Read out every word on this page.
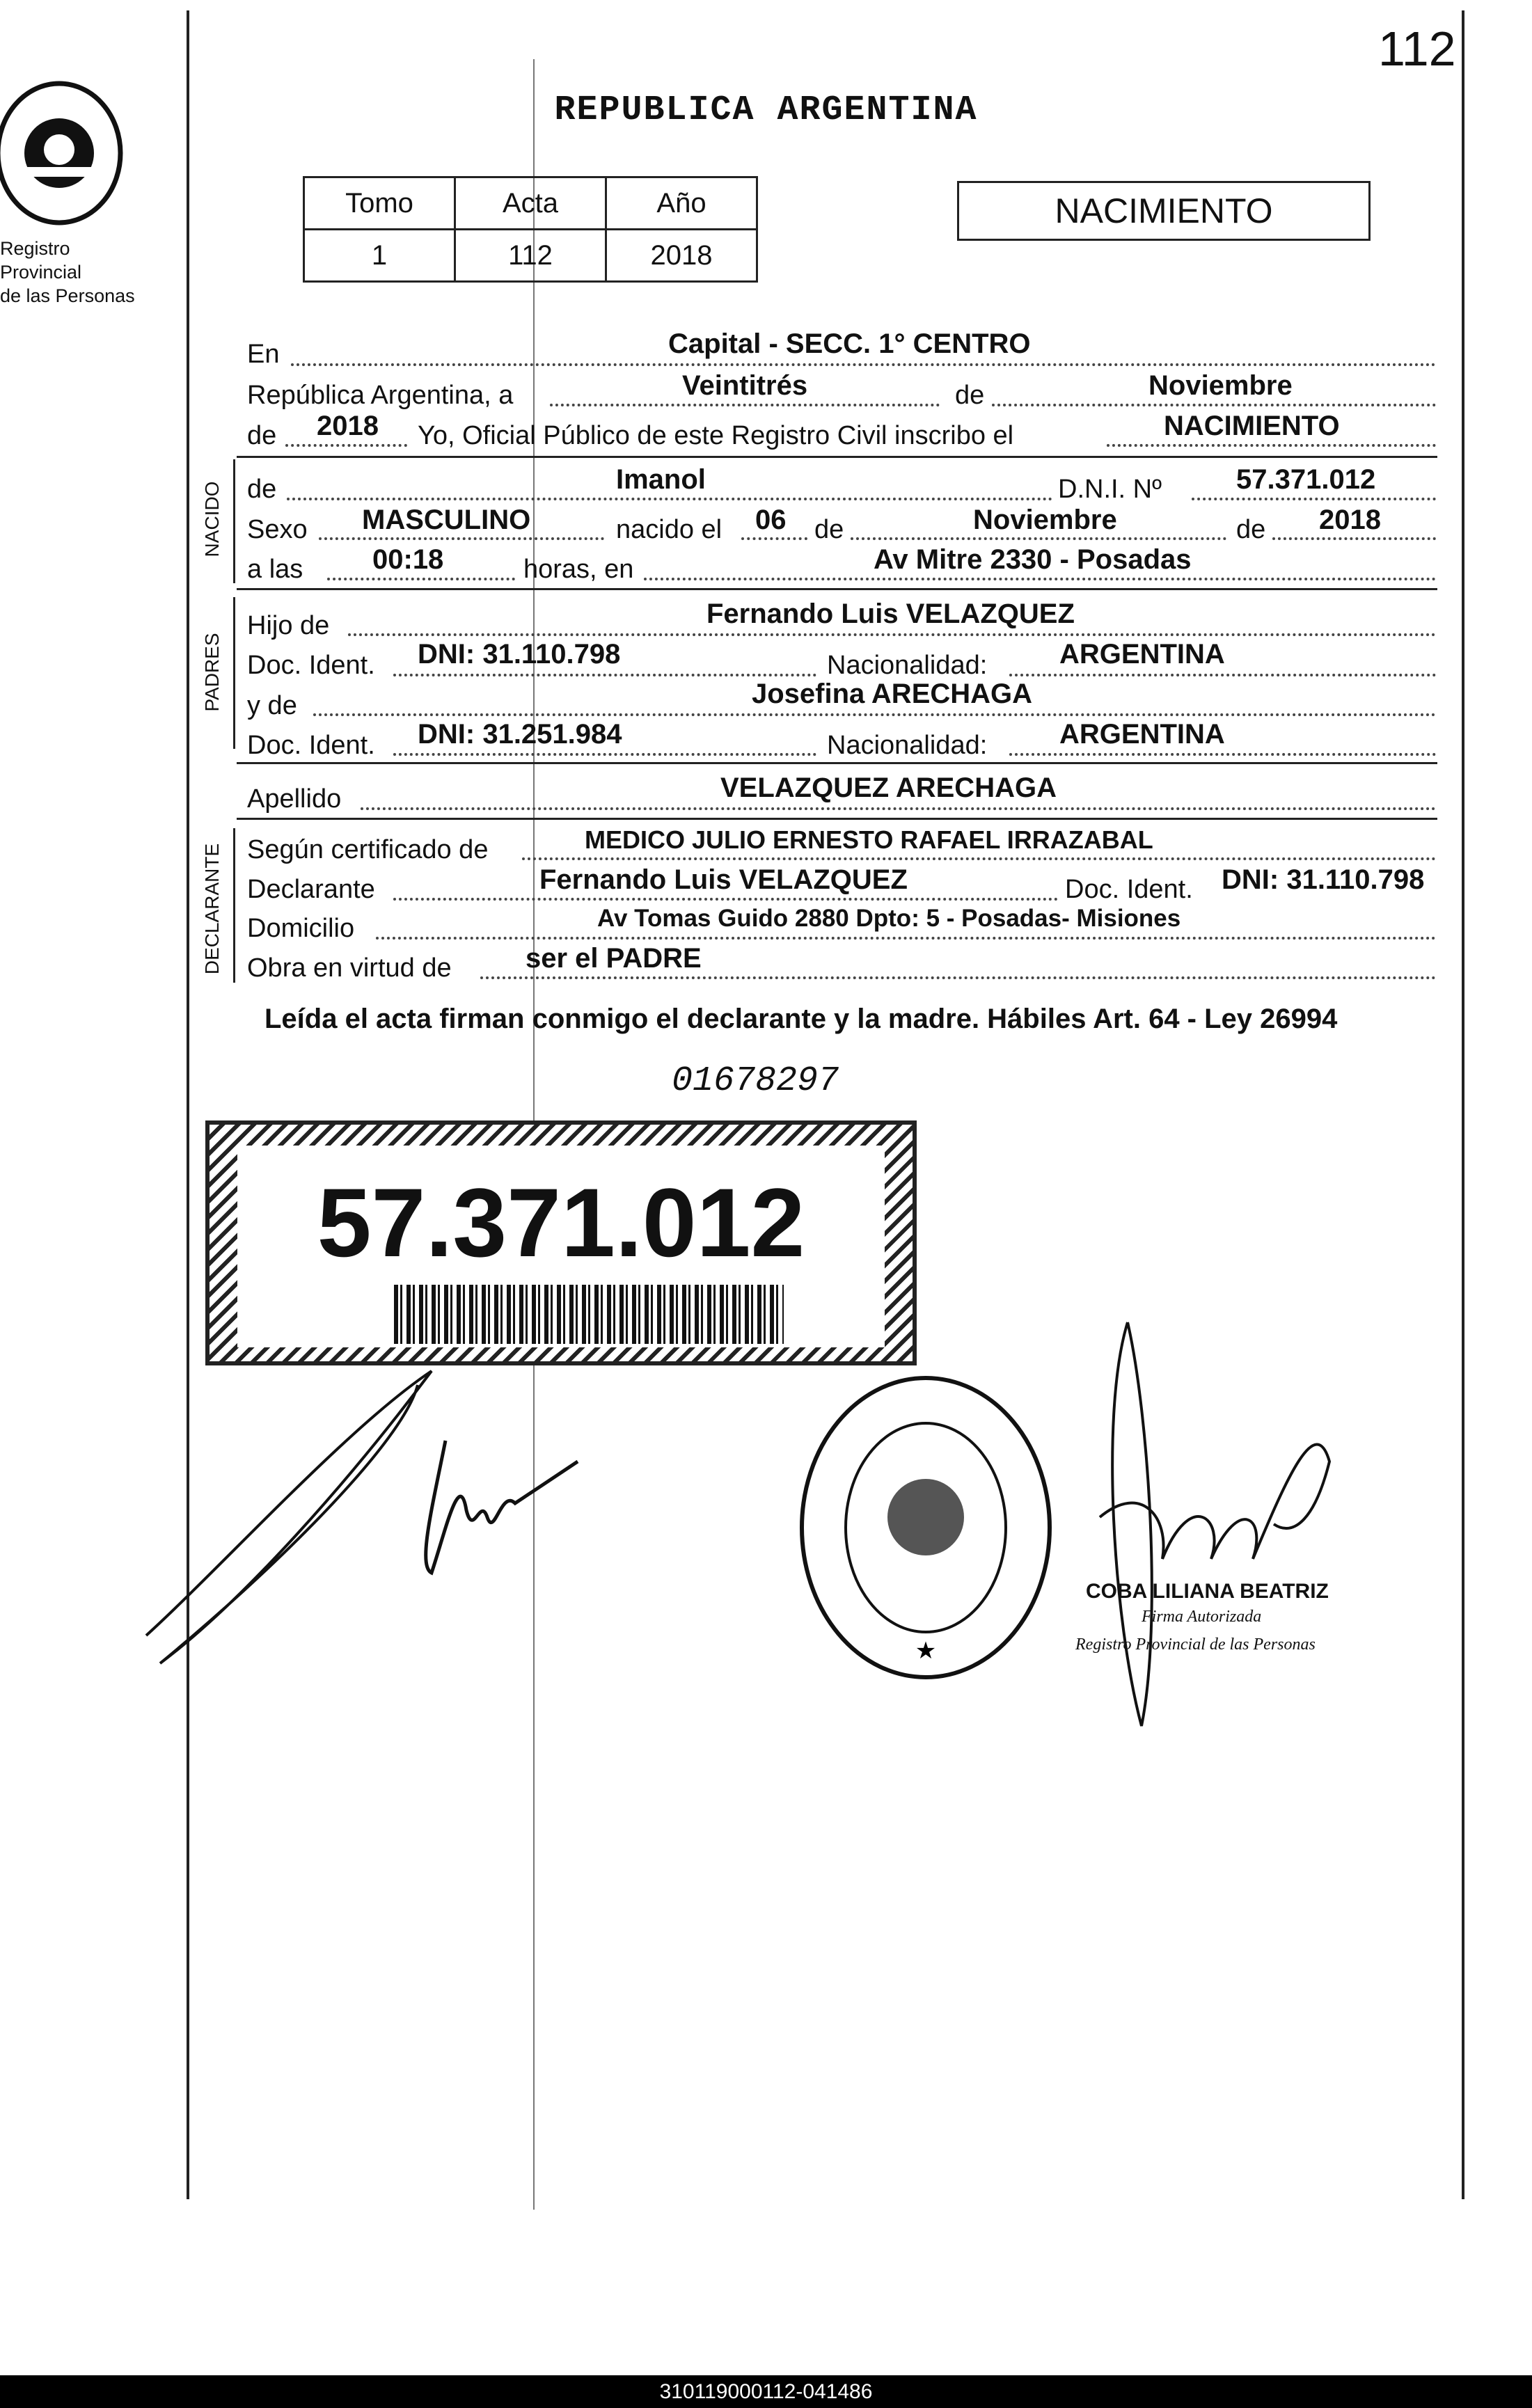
112
REPUBLICA ARGENTINA
Registro Provincial
de las Personas
Tomo	Acta	Año
1	112	2018
NACIMIENTO
En	Capital - SECC. 1° CENTRO
República Argentina, a	Veintitrés	de	Noviembre
de 2018 Yo, Oficial Público de este Registro Civil inscribo el	NACIMIENTO
NACIDO de	Imanol	D.N.I. Nº	57.371.012
Sexo MASCULINO	nacido el 06 de	Noviembre	de 2018
a las 00:18	horas, en	Av Mitre 2330 - Posadas
PADRES
Hijo de	Fernando Luis VELAZQUEZ
Doc. Ident. DNI: 31.110.798	Nacionalidad:	ARGENTINA
y de	Josefina ARECHAGA
Doc. Ident. DNI: 31.251.984	Nacionalidad:	ARGENTINA
Apellido	VELAZQUEZ ARECHAGA
DECLARANTE Según certificado de	MEDICO JULIO ERNESTO RAFAEL IRRAZABAL
Declarante	Fernando Luis VELAZQUEZ	Doc. Ident. DNI: 31.110.798
Domicilio	Av Tomas Guido 2880 Dpto: 5 - Posadas- Misiones
Obra en virtud de	ser el PADRE
Leída el acta firman conmigo el declarante y la madre. Hábiles Art. 64 - Ley 26994
01678297
57.371.012
★
COBA LILIANA BEATRIZ
Firma Autorizada
Registro Provincial de las Personas
310119000112-041486
